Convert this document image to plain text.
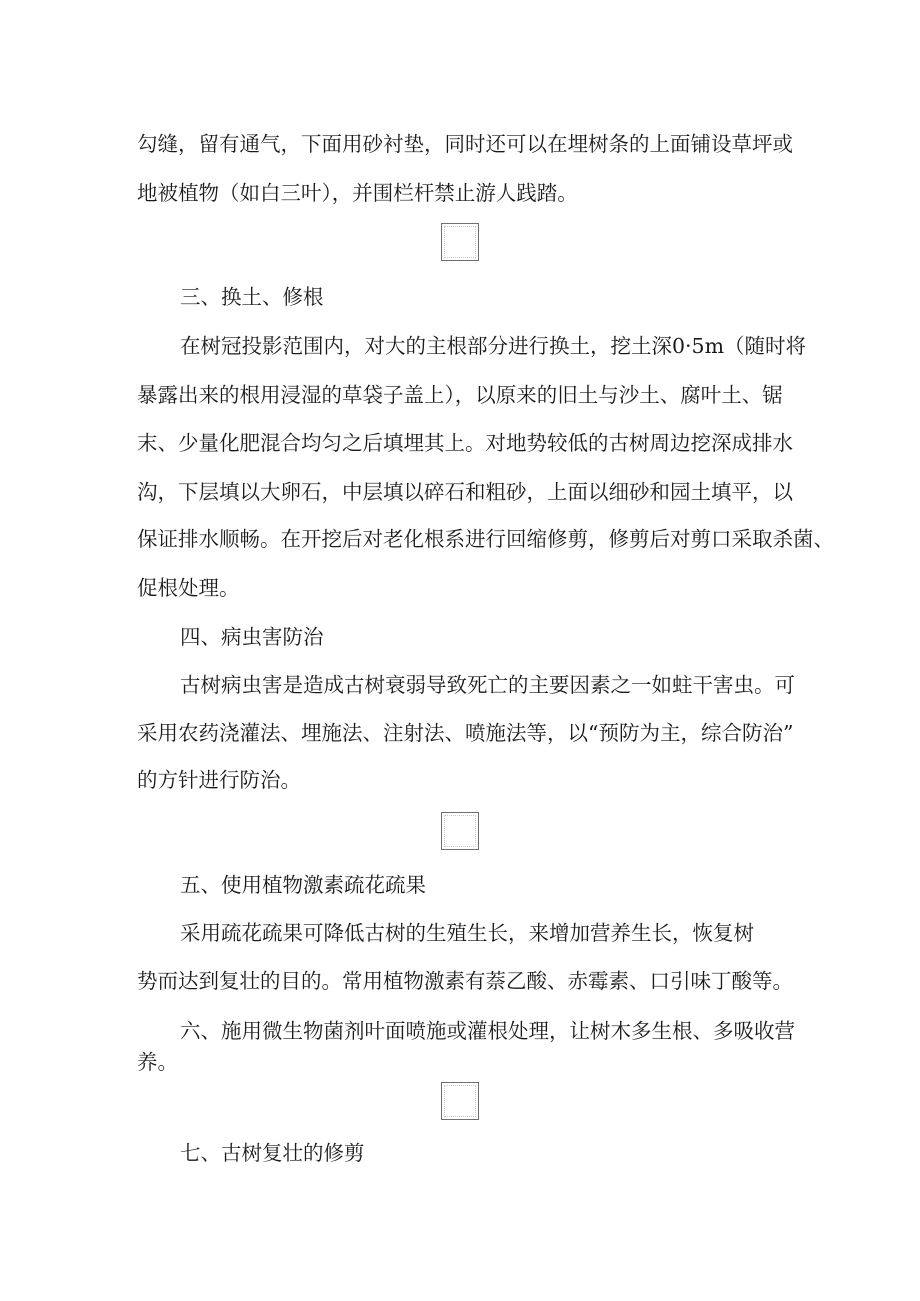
勾缝，留有通气，下面用砂衬垫，同时还可以在埋树条的上面铺设草坪或

地被植物（如白三叶），并围栏杆禁止游人践踏。

三、换土、修根

在树冠投影范围内，对大的主根部分进行换土，挖土深0·5m（随时将

暴露出来的根用浸湿的草袋子盖上），以原来的旧土与沙土、腐叶土、锯

末、少量化肥混合均匀之后填埋其上。对地势较低的古树周边挖深成排水

沟，下层填以大卵石，中层填以碎石和粗砂，上面以细砂和园土填平，以

保证排水顺畅。在开挖后对老化根系进行回缩修剪，修剪后对剪口采取杀菌、

促根处理。

四、病虫害防治

古树病虫害是造成古树衰弱导致死亡的主要因素之一如蛀干害虫。可

采用农药浇灌法、埋施法、注射法、喷施法等，以“预防为主，综合防治”

的方针进行防治。

五、使用植物激素疏花疏果

采用疏花疏果可降低古树的生殖生长，来增加营养生长，恢复树

势而达到复壮的目的。常用植物激素有萘乙酸、赤霉素、口引味丁酸等。

六、施用微生物菌剂叶面喷施或灌根处理，让树木多生根、多吸收营

养。

七、古树复壮的修剪
